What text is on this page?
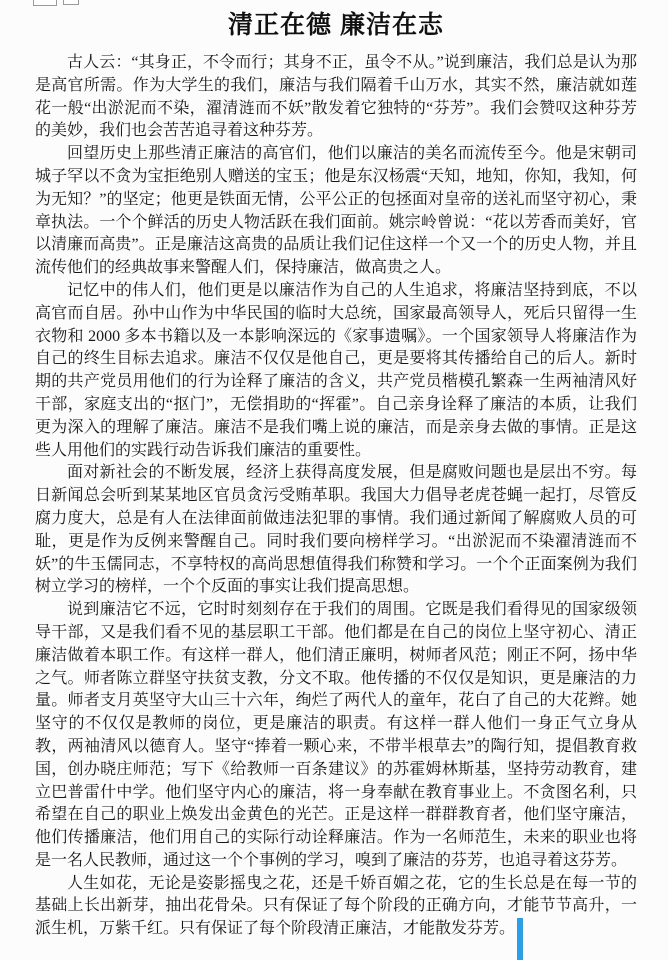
清正在德 廉洁在志

古人云：“其身正，不令而行；其身不正，虽令不从。”说到廉洁，我们总是认为那是高官所需。作为大学生的我们，廉洁与我们隔着千山万水，其实不然，廉洁就如莲花一般“出淤泥而不染，濯清涟而不妖”散发着它独特的“芬芳”。我们会赞叹这种芬芳的美妙，我们也会苦苦追寻着这种芬芳。

回望历史上那些清正廉洁的高官们，他们以廉洁的美名而流传至今。他是宋朝司城子罕以不贪为宝拒绝别人赠送的宝玉；他是东汉杨震“天知，地知，你知，我知，何为无知？”的坚定；他更是铁面无情，公平公正的包拯面对皇帝的送礼而坚守初心，秉章执法。一个个鲜活的历史人物活跃在我们面前。姚宗岭曾说：“花以芳香而美好，官以清廉而高贵”。正是廉洁这高贵的品质让我们记住这样一个又一个的历史人物，并且流传他们的经典故事来警醒人们，保持廉洁，做高贵之人。

记忆中的伟人们，他们更是以廉洁作为自己的人生追求，将廉洁坚持到底，不以高官而自居。孙中山作为中华民国的临时大总统，国家最高领导人，死后只留得一生衣物和 2000 多本书籍以及一本影响深远的《家事遗嘱》。一个国家领导人将廉洁作为自己的终生目标去追求。廉洁不仅仅是他自己，更是要将其传播给自己的后人。新时期的共产党员用他们的行为诠释了廉洁的含义，共产党员楷模孔繁森一生两袖清风好干部，家庭支出的“抠门”，无偿捐助的“挥霍”。自己亲身诠释了廉洁的本质，让我们更为深入的理解了廉洁。廉洁不是我们嘴上说的廉洁，而是亲身去做的事情。正是这些人用他们的实践行动告诉我们廉洁的重要性。

面对新社会的不断发展，经济上获得高度发展，但是腐败问题也是层出不穷。每日新闻总会听到某某地区官员贪污受贿革职。我国大力倡导老虎苍蝇一起打，尽管反腐力度大，总是有人在法律面前做违法犯罪的事情。我们通过新闻了解腐败人员的可耻，更是作为反例来警醒自己。同时我们要向榜样学习。“出淤泥而不染濯清涟而不妖”的牛玉儒同志，不享特权的高尚思想值得我们称赞和学习。一个个正面案例为我们树立学习的榜样，一个个反面的事实让我们提高思想。

说到廉洁它不远，它时时刻刻存在于我们的周围。它既是我们看得见的国家级领导干部，又是我们看不见的基层职工干部。他们都是在自己的岗位上坚守初心、清正廉洁做着本职工作。有这样一群人，他们清正廉明，树师者风范；刚正不阿，扬中华之气。师者陈立群坚守扶贫支教，分文不取。他传播的不仅仅是知识，更是廉洁的力量。师者支月英坚守大山三十六年，绚烂了两代人的童年，花白了自己的大花辫。她坚守的不仅仅是教师的岗位，更是廉洁的职责。有这样一群人他们一身正气立身从教，两袖清风以德育人。坚守“捧着一颗心来，不带半根草去”的陶行知，提倡教育救国，创办晓庄师范；写下《给教师一百条建议》的苏霍姆林斯基，坚持劳动教育，建立巴普雷什中学。他们坚守内心的廉洁，将一身奉献在教育事业上。不贪图名利，只希望在自己的职业上焕发出金黄色的光芒。正是这样一群群教育者，他们坚守廉洁，他们传播廉洁，他们用自己的实际行动诠释廉洁。作为一名师范生，未来的职业也将是一名人民教师，通过这一个个事例的学习，嗅到了廉洁的芬芳，也追寻着这芬芳。

人生如花，无论是姿影摇曳之花，还是千娇百媚之花，它的生长总是在每一节的基础上长出新芽，抽出花骨朵。只有保证了每个阶段的正确方向，才能节节高升，一派生机，万紫千红。只有保证了每个阶段清正廉洁，才能散发芬芳。
